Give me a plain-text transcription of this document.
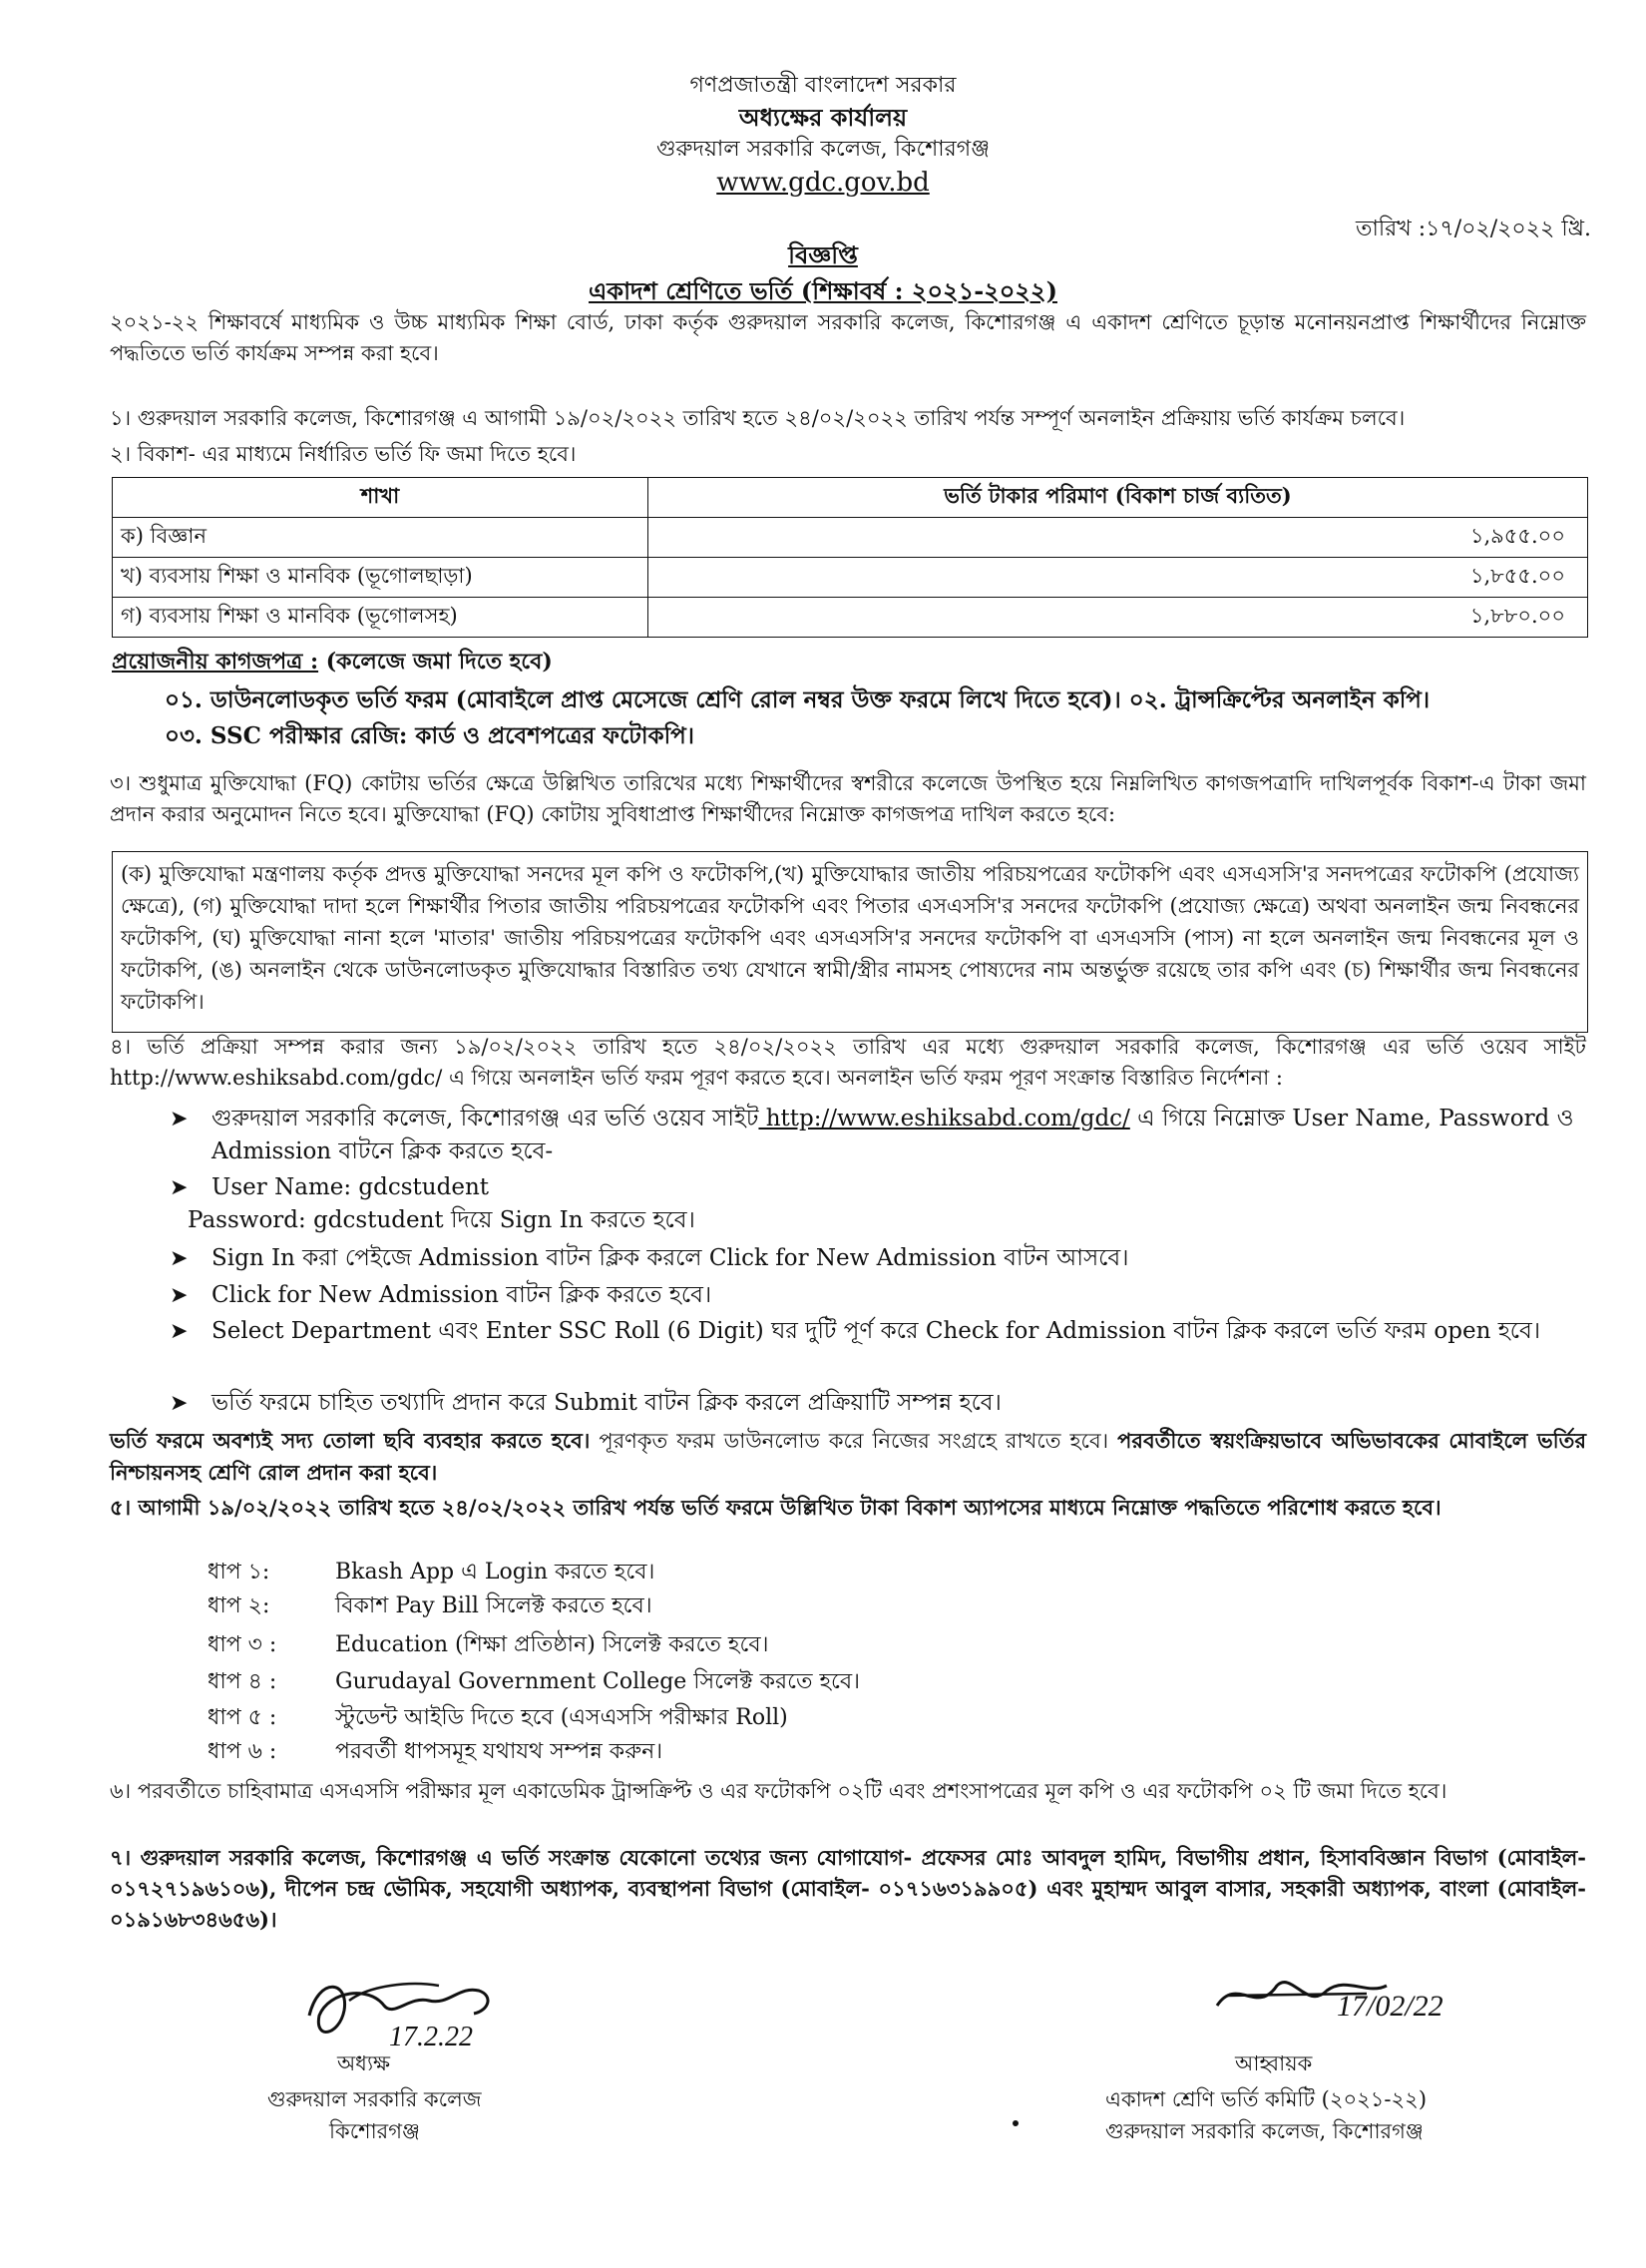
গণপ্রজাতন্ত্রী বাংলাদেশ সরকার
অধ্যক্ষের কার্যালয়
গুরুদয়াল সরকারি কলেজ, কিশোরগঞ্জ
www.gdc.gov.bd
তারিখ :১৭/০২/২০২২ খ্রি.
বিজ্ঞপ্তি
একাদশ শ্রেণিতে ভর্তি (শিক্ষাবর্ষ : ২০২১-২০২২)
২০২১-২২ শিক্ষাবর্ষে মাধ্যমিক ও উচ্চ মাধ্যমিক শিক্ষা বোর্ড, ঢাকা কর্তৃক গুরুদয়াল সরকারি কলেজ, কিশোরগঞ্জ এ একাদশ শ্রেণিতে চূড়ান্ত মনোনয়নপ্রাপ্ত শিক্ষার্থীদের নিম্নোক্ত পদ্ধতিতে ভর্তি কার্যক্রম সম্পন্ন করা হবে।
১। গুরুদয়াল সরকারি কলেজ, কিশোরগঞ্জ এ আগামী ১৯/০২/২০২২ তারিখ হতে ২৪/০২/২০২২ তারিখ পর্যন্ত সম্পূর্ণ অনলাইন প্রক্রিয়ায় ভর্তি কার্যক্রম চলবে।
২। বিকাশ- এর মাধ্যমে নির্ধারিত ভর্তি ফি জমা দিতে হবে।
শাখা	ভর্তি টাকার পরিমাণ (বিকাশ চার্জ ব্যতিত)
ক) বিজ্ঞান	১,৯৫৫.০০
খ) ব্যবসায় শিক্ষা ও মানবিক (ভূগোলছাড়া)	১,৮৫৫.০০
গ) ব্যবসায় শিক্ষা ও মানবিক (ভূগোলসহ)	১,৮৮০.০০
প্রয়োজনীয় কাগজপত্র : (কলেজে জমা দিতে হবে)
০১. ডাউনলোডকৃত ভর্তি ফরম (মোবাইলে প্রাপ্ত মেসেজে শ্রেণি রোল নম্বর উক্ত ফরমে লিখে দিতে হবে)। ০২. ট্রান্সক্রিপ্টের অনলাইন কপি।
০৩. SSC পরীক্ষার রেজি: কার্ড ও প্রবেশপত্রের ফটোকপি।
৩। শুধুমাত্র মুক্তিযোদ্ধা (FQ) কোটায় ভর্তির ক্ষেত্রে উল্লিখিত তারিখের মধ্যে শিক্ষার্থীদের স্বশরীরে কলেজে উপস্থিত হয়ে নিম্নলিখিত কাগজপত্রাদি দাখিলপূর্বক বিকাশ-এ টাকা জমা প্রদান করার অনুমোদন নিতে হবে। মুক্তিযোদ্ধা (FQ) কোটায় সুবিধাপ্রাপ্ত শিক্ষার্থীদের নিম্নোক্ত কাগজপত্র দাখিল করতে হবে:
(ক) মুক্তিযোদ্ধা মন্ত্রণালয় কর্তৃক প্রদত্ত মুক্তিযোদ্ধা সনদের মূল কপি ও ফটোকপি,(খ) মুক্তিযোদ্ধার জাতীয় পরিচয়পত্রের ফটোকপি এবং এসএসসি'র সনদপত্রের ফটোকপি (প্রযোজ্য ক্ষেত্রে), (গ) মুক্তিযোদ্ধা দাদা হলে শিক্ষার্থীর পিতার জাতীয় পরিচয়পত্রের ফটোকপি এবং পিতার এসএসসি'র সনদের ফটোকপি (প্রযোজ্য ক্ষেত্রে) অথবা অনলাইন জন্ম নিবন্ধনের ফটোকপি, (ঘ) মুক্তিযোদ্ধা নানা হলে 'মাতার' জাতীয় পরিচয়পত্রের ফটোকপি এবং এসএসসি'র সনদের ফটোকপি বা এসএসসি (পাস) না হলে অনলাইন জন্ম নিবন্ধনের মূল ও ফটোকপি, (ঙ) অনলাইন থেকে ডাউনলোডকৃত মুক্তিযোদ্ধার বিস্তারিত তথ্য যেখানে স্বামী/স্ত্রীর নামসহ পোষ্যদের নাম অন্তর্ভুক্ত রয়েছে তার কপি এবং (চ) শিক্ষার্থীর জন্ম নিবন্ধনের ফটোকপি।
৪। ভর্তি প্রক্রিয়া সম্পন্ন করার জন্য ১৯/০২/২০২২ তারিখ হতে ২৪/০২/২০২২ তারিখ এর মধ্যে গুরুদয়াল সরকারি কলেজ, কিশোরগঞ্জ এর ভর্তি ওয়েব সাইট http://www.eshiksabd.com/gdc/ এ গিয়ে অনলাইন ভর্তি ফরম পূরণ করতে হবে। অনলাইন ভর্তি ফরম পূরণ সংক্রান্ত বিস্তারিত নির্দেশনা :
➤ গুরুদয়াল সরকারি কলেজ, কিশোরগঞ্জ এর ভর্তি ওয়েব সাইট http://www.eshiksabd.com/gdc/ এ গিয়ে নিম্নোক্ত User Name, Password ও Admission বাটনে ক্লিক করতে হবে-
➤ User Name: gdcstudent
Password: gdcstudent দিয়ে Sign In করতে হবে।
➤ Sign In করা পেইজে Admission বাটন ক্লিক করলে Click for New Admission বাটন আসবে।
➤ Click for New Admission বাটন ক্লিক করতে হবে।
➤ Select Department এবং Enter SSC Roll (6 Digit) ঘর দুটি পূর্ণ করে Check for Admission বাটন ক্লিক করলে ভর্তি ফরম open হবে।
➤ ভর্তি ফরমে চাহিত তথ্যাদি প্রদান করে Submit বাটন ক্লিক করলে প্রক্রিয়াটি সম্পন্ন হবে।
ভর্তি ফরমে অবশ্যই সদ্য তোলা ছবি ব্যবহার করতে হবে। পূরণকৃত ফরম ডাউনলোড করে নিজের সংগ্রহে রাখতে হবে। পরবর্তীতে স্বয়ংক্রিয়ভাবে অভিভাবকের মোবাইলে ভর্তির নিশ্চায়নসহ শ্রেণি রোল প্রদান করা হবে।
৫। আগামী ১৯/০২/২০২২ তারিখ হতে ২৪/০২/২০২২ তারিখ পর্যন্ত ভর্তি ফরমে উল্লিখিত টাকা বিকাশ অ্যাপসের মাধ্যমে নিম্নোক্ত পদ্ধতিতে পরিশোধ করতে হবে।
ধাপ ১:	Bkash App এ Login করতে হবে।
ধাপ ২:	বিকাশ Pay Bill সিলেক্ট করতে হবে।
ধাপ ৩ :	Education (শিক্ষা প্রতিষ্ঠান) সিলেক্ট করতে হবে।
ধাপ ৪ :	Gurudayal Government College সিলেক্ট করতে হবে।
ধাপ ৫ :	স্টুডেন্ট আইডি দিতে হবে (এসএসসি পরীক্ষার Roll)
ধাপ ৬ :	পরবর্তী ধাপসমূহ যথাযথ সম্পন্ন করুন।
৬। পরবর্তীতে চাহিবামাত্র এসএসসি পরীক্ষার মূল একাডেমিক ট্রান্সক্রিপ্ট ও এর ফটোকপি ০২টি এবং প্রশংসাপত্রের মূল কপি ও এর ফটোকপি ০২ টি জমা দিতে হবে।
৭। গুরুদয়াল সরকারি কলেজ, কিশোরগঞ্জ এ ভর্তি সংক্রান্ত যেকোনো তথ্যের জন্য যোগাযোগ- প্রফেসর মোঃ আবদুল হামিদ, বিভাগীয় প্রধান, হিসাববিজ্ঞান বিভাগ (মোবাইল- ০১৭২৭১৯৬১০৬), দীপেন চন্দ্র ভৌমিক, সহযোগী অধ্যাপক, ব্যবস্থাপনা বিভাগ (মোবাইল- ০১৭১৬৩১৯৯০৫) এবং মুহাম্মদ আবুল বাসার, সহকারী অধ্যাপক, বাংলা (মোবাইল- ০১৯১৬৮৩৪৬৫৬)।
17.2.22
অধ্যক্ষ
গুরুদয়াল সরকারি কলেজ
কিশোরগঞ্জ
17/02/22
আহ্বায়ক
একাদশ শ্রেণি ভর্তি কমিটি (২০২১-২২)
গুরুদয়াল সরকারি কলেজ, কিশোরগঞ্জ
